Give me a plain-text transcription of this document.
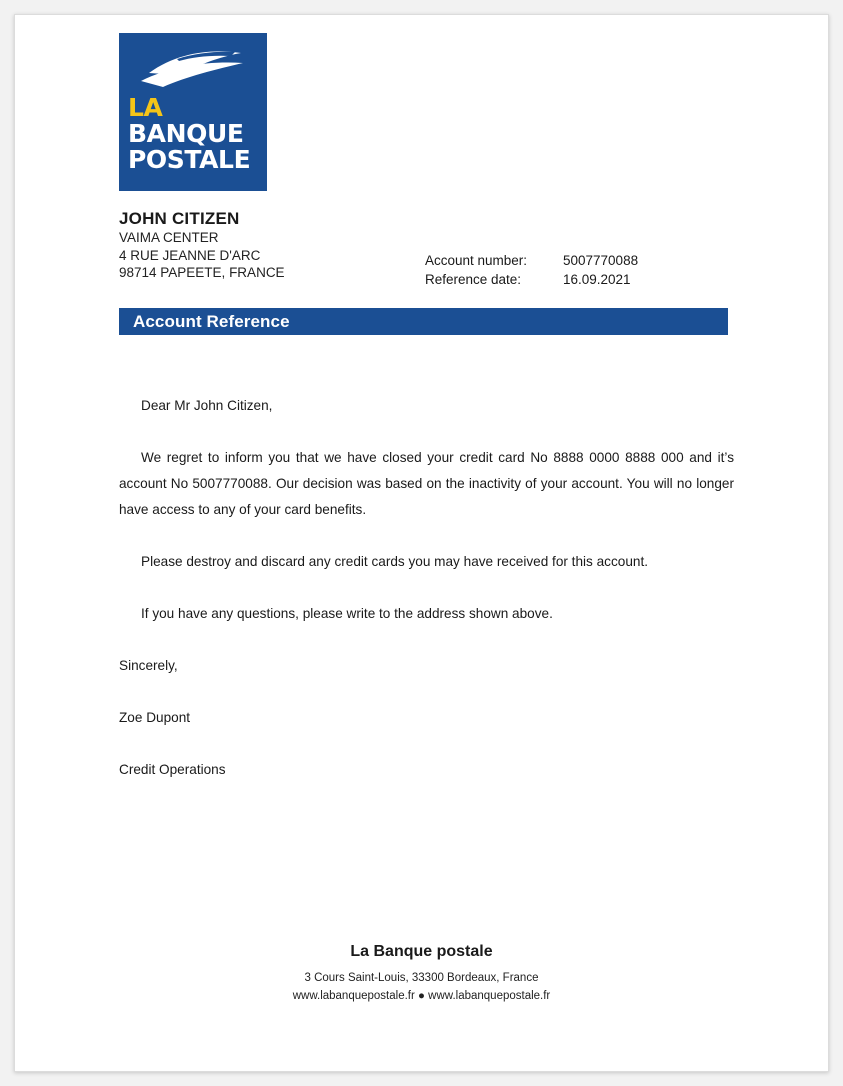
LA
BANQUE
POSTALE
JOHN CITIZEN
VAIMA CENTER
4 RUE JEANNE D'ARC
98714 PAPEETE, FRANCE
Account number:	5007770088
Reference date:	16.09.2021
Account Reference

Dear Mr John Citizen,

We regret to inform you that we have closed your credit card No 8888 0000 8888 000 and it’s account No 5007770088. Our decision was based on the inactivity of your account. You will no longer have access to any of your card benefits.

Please destroy and discard any credit cards you may have received for this account.

If you have any questions, please write to the address shown above.

Sincerely,

Zoe Dupont

Credit Operations

La Banque postale
3 Cours Saint-Louis, 33300 Bordeaux, France
www.labanquepostale.fr ● www.labanquepostale.fr
